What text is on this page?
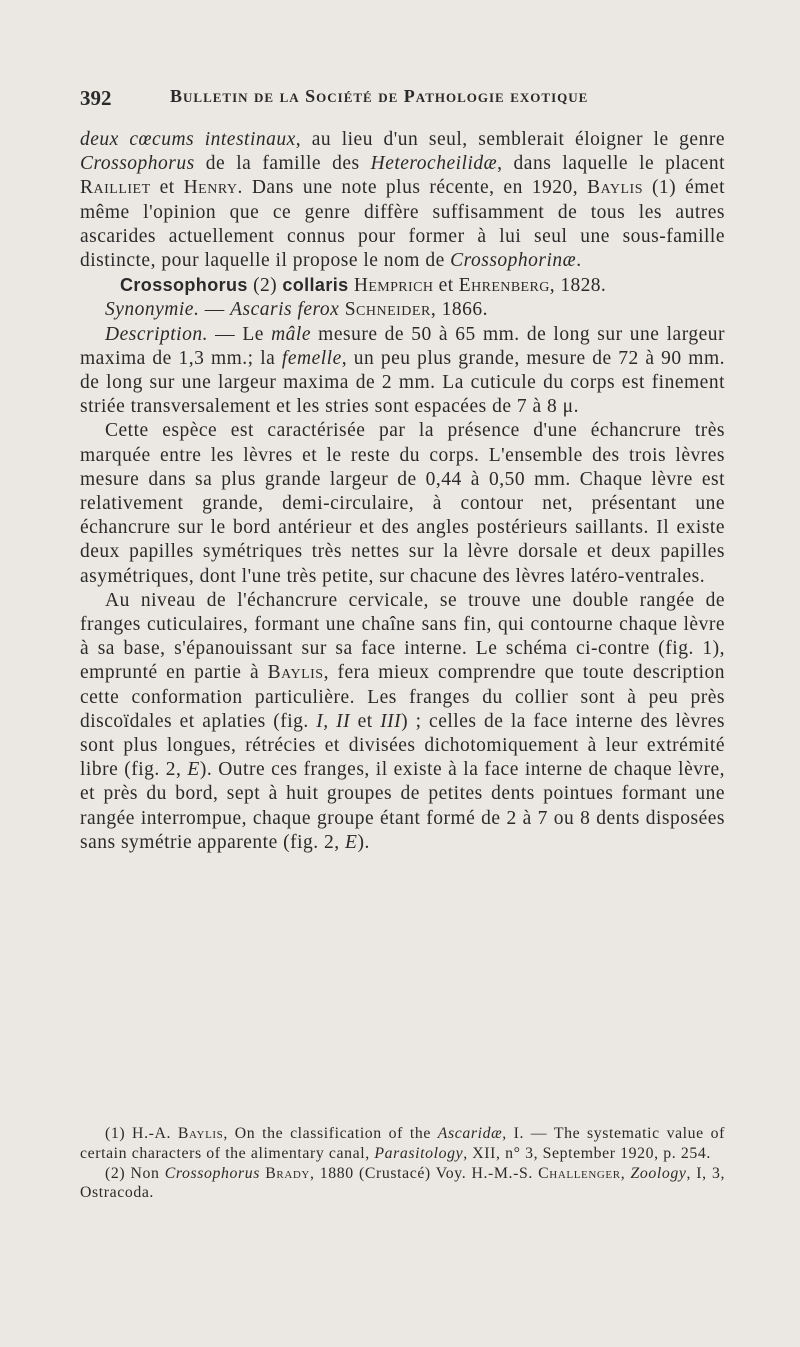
392	Bulletin de la Société de Pathologie exotique

deux cœcums intestinaux, au lieu d'un seul, semblerait éloigner le genre Crossophorus de la famille des Heterocheilidæ, dans laquelle le placent Railliet et Henry. Dans une note plus récente, en 1920, Baylis (1) émet même l'opinion que ce genre diffère suffisamment de tous les autres ascarides actuellement connus pour former à lui seul une sous-famille distincte, pour laquelle il propose le nom de Crossophorinæ.

Crossophorus (2) collaris Hemprich et Ehrenberg, 1828.

Synonymie. — Ascaris ferox Schneider, 1866.

Description. — Le mâle mesure de 50 à 65 mm. de long sur une largeur maxima de 1,3 mm.; la femelle, un peu plus grande, mesure de 72 à 90 mm. de long sur une largeur maxima de 2 mm. La cuticule du corps est finement striée transversalement et les stries sont espacées de 7 à 8 μ.

Cette espèce est caractérisée par la présence d'une échancrure très marquée entre les lèvres et le reste du corps. L'ensemble des trois lèvres mesure dans sa plus grande largeur de 0,44 à 0,50 mm. Chaque lèvre est relativement grande, demi-circulaire, à contour net, présentant une échancrure sur le bord antérieur et des angles postérieurs saillants. Il existe deux papilles symétriques très nettes sur la lèvre dorsale et deux papilles asymétriques, dont l'une très petite, sur chacune des lèvres latéro-ventrales.

Au niveau de l'échancrure cervicale, se trouve une double rangée de franges cuticulaires, formant une chaîne sans fin, qui contourne chaque lèvre à sa base, s'épanouissant sur sa face interne. Le schéma ci-contre (fig. 1), emprunté en partie à Baylis, fera mieux comprendre que toute description cette conformation particulière. Les franges du collier sont à peu près discoïdales et aplaties (fig. I, II et III) ; celles de la face interne des lèvres sont plus longues, rétrécies et divisées dichotomiquement à leur extrémité libre (fig. 2, E). Outre ces franges, il existe à la face interne de chaque lèvre, et près du bord, sept à huit groupes de petites dents pointues formant une rangée interrompue, chaque groupe étant formé de 2 à 7 ou 8 dents disposées sans symétrie apparente (fig. 2, E).

(1) H.-A. Baylis, On the classification of the Ascaridæ, I. — The systematic value of certain characters of the alimentary canal, Parasitology, XII, n° 3, September 1920, p. 254.

(2) Non Crossophorus Brady, 1880 (Crustacé) Voy. H.-M.-S. Challenger, Zoology, I, 3, Ostracoda.
